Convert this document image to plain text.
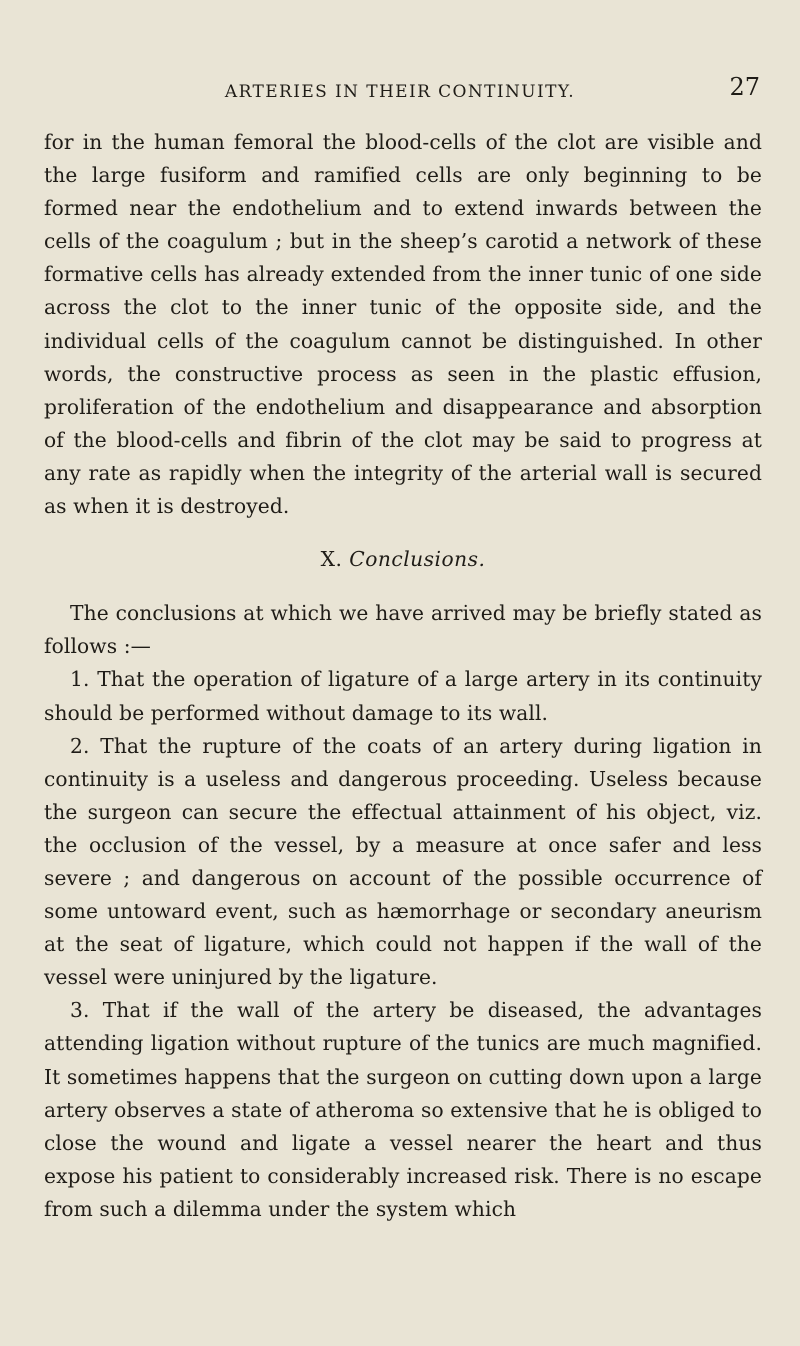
ARTERIES IN THEIR CONTINUITY.	27

for in the human femoral the blood-cells of the clot are visible and the large fusiform and ramified cells are only beginning to be formed near the endothelium and to extend inwards between the cells of the coagulum ; but in the sheep’s carotid a network of these formative cells has already extended from the inner tunic of one side across the clot to the inner tunic of the opposite side, and the individual cells of the coagulum cannot be distinguished. In other words, the constructive process as seen in the plastic effusion, proliferation of the endothelium and disappearance and absorption of the blood-cells and fibrin of the clot may be said to progress at any rate as rapidly when the integrity of the arterial wall is secured as when it is destroyed.

X. Conclusions.

The conclusions at which we have arrived may be briefly stated as follows :—

1. That the operation of ligature of a large artery in its continuity should be performed without damage to its wall.

2. That the rupture of the coats of an artery during ligation in continuity is a useless and dangerous proceeding. Useless because the surgeon can secure the effectual attainment of his object, viz. the occlusion of the vessel, by a measure at once safer and less severe ; and dangerous on account of the possible occurrence of some untoward event, such as hæmorrhage or secondary aneurism at the seat of ligature, which could not happen if the wall of the vessel were uninjured by the ligature.

3. That if the wall of the artery be diseased, the advantages attending ligation without rupture of the tunics are much magnified. It sometimes happens that the surgeon on cutting down upon a large artery observes a state of atheroma so extensive that he is obliged to close the wound and ligate a vessel nearer the heart and thus expose his patient to considerably increased risk. There is no escape from such a dilemma under the system which
